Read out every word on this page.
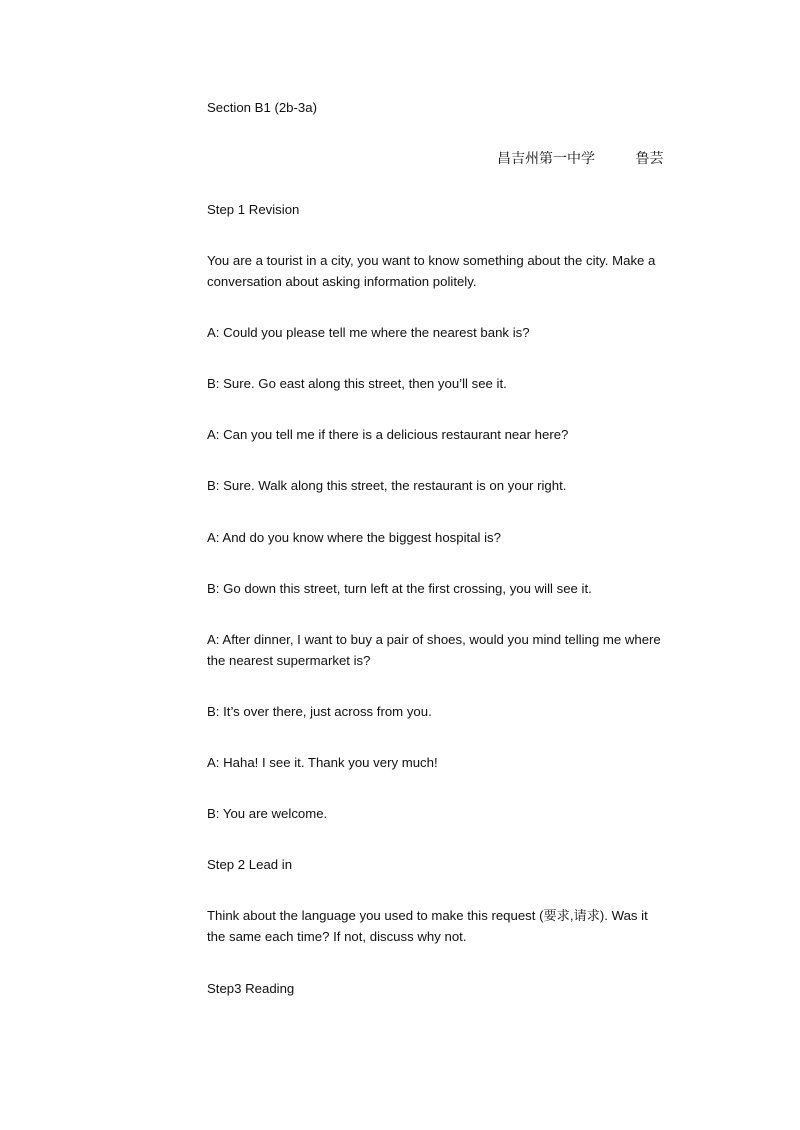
Section B1 (2b-3a)

昌吉州第一中学	鲁芸

Step 1 Revision

You are a tourist in a city, you want to know something about the city. Make a conversation about asking information politely.

A: Could you please tell me where the nearest bank is?

B: Sure. Go east along this street, then you’ll see it.

A: Can you tell me if there is a delicious restaurant near here?

B: Sure. Walk along this street, the restaurant is on your right.

A: And do you know where the biggest hospital is?

B: Go down this street, turn left at the first crossing, you will see it.

A: After dinner, I want to buy a pair of shoes, would you mind telling me where the nearest supermarket is?

B: It’s over there, just across from you.

A: Haha! I see it. Thank you very much!

B: You are welcome.

Step 2 Lead in

Think about the language you used to make this request (要求,请求). Was it the same each time? If not, discuss why not.

Step3 Reading
